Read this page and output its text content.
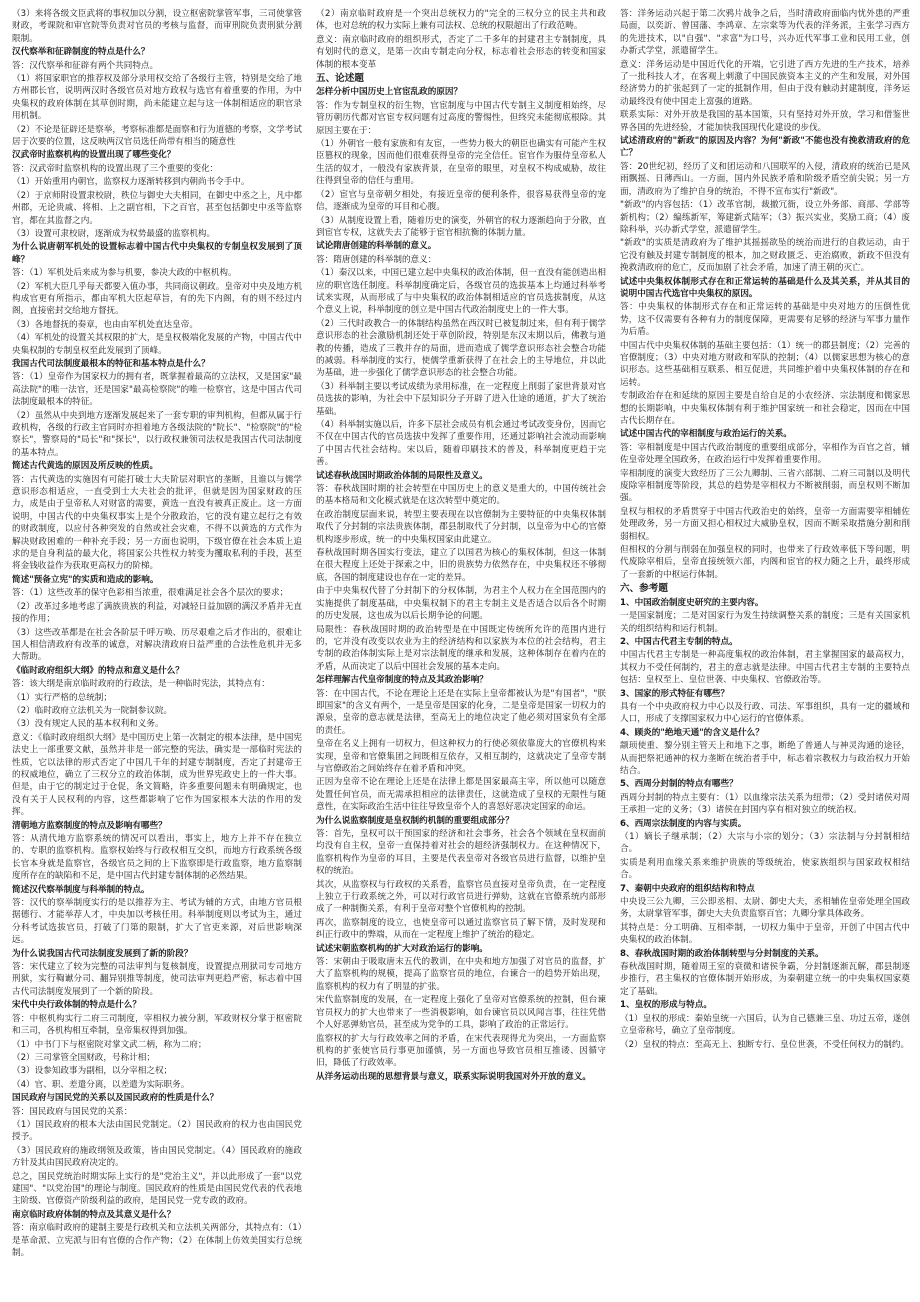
（3）来将各级文臣武将的事权加以分割，设立枢密院掌管军事，三司使掌管财政，考课院和审官院等负责对官员的考核与监督，而审刑院负责刑狱分割限制。

汉代察举和征辟制度的特点是什么？

答：汉代察举和征辟有两个共同特点。

（1）将国家职官的推荐权及部分录用权交给了各级行主管，特别是交给了地方州郡长官，说明两汉时各级官员对地方政权与选官有着重要的作用，为中央集权的政府体制在其草创时期，尚未能建立起与这一体制相适应的职官录用机制。

（2）不论是征辟还是察举，考察标准都是面察和行为道德的考察，文学考试居于次要的位置，这反映两汉官员选任尚带有相当的随意性

汉武帝时监察机构的设置出现了哪些变化？

答：汉武帝时监察机构的设置出现了三个重要的变化：

（1）开始重用内朝官，监察权力逐渐转移到内朝尚书令手中。

（2）于京师附设置隶校尉，秩位与御史大夫相同，在御史中丞之上，凡中都州郡，无论贵戚、将相、上之副官相，下之百官，甚至包括御史中丞等监察官，都在其监督之内。

（3）设置可隶校尉，逐渐成为权势最盛的监察机构。

为什么说唐朝军机处的设置标志着中国古代中央集权的专制皇权发展到了顶峰？

答：（1）军机处后来成为参与机要，参决大政的中枢机构。

（2）军机大臣几乎每天都要入值办事，共同商议朝政。皇帝对中央及地方机构成官更有所指示，都由军机大臣起草旨，有的先下内阁，有的则不经过内阁，直接密封交给地方督抚。

（3）各地督抚的奏章，也由由军机处直达皇帝。

（4）军机处的设置关其权限的扩大，是皇权极端化发展的产物，中国古代中央集权制的专制皇权至此发展到了顶峰。

我国古代司法制度最根本的特征和基本特点是什么？

答：（1）皇帝作为国家权力的拥有者，既掌握着最高的立法权，又是国家"最高法院"的唯一法官，还是国家"最高检察院"的唯一检察官，这是中国古代司法制度最根本的特征。

（2）虽然从中央到地方逐渐发展起来了一套专职的审判机构，但都从属于行政机构，各级的行政主官同时亦担着地方各级法院的"院长"、"检察院"的"检察长"，警察局的"局长"和"探长"，以行政权兼领司法权是我国古代司法制度的基本特点。

简述古代黄选的原因及所反映的性质。

答：古代黄选的实施因有可能打破士大夫阶层对职官的垄断，且谁以与儒学意识形态相适应，一直受到士大夫社会的批评，但就是因为国家财政的压力，成是由于皇帝私人对财富的需要，黄选一直没有被真正废止。这一方面说明，中国古代的中央集权事实上是个分散政治，它的没有建立起行之有效的财政制度，以应付各种突发的自然或社会灾难，不得不以黄选的方式作为解决财政困难的一种补充手段；另一方面也说明，下级官僚在社会本质上追求的是自身利益的最大化，将国家公共性权力转变为攫取私利的手段，甚至将金钱收益作为获取更高权力的阶梯。

简述"预备立宪"的实质和造成的影响。

答：（1）这些改革的保守色彩相当浓重，很难满足社会各个层次的要求；

（2）改革过多地考虑了满族贵族的利益，对减轻日益加剧的满汉矛盾并无直接的作用；

（3）这些改革都是在社会各阶层千呼万唤、历尽艰难之后才作出的，很难让国人相信清政府有改革的诚意，对解决清政府日益严重的合法性危机并无多大帮助。

《临时政府组织大纲》的特点和意义是什么？

答：该大纲是南京临时政府的行政法，是一种临时宪法，其特点有：

（1）实行严格的总统制；

（2）临时政府立法机关为一院制参议院。

（3）没有规定人民的基本权利和义务。

意义：《临时政府组织大纲》是中国历史上第一次制定的根本法律，是中国宪法史上一部重要文献，虽然并非是一部完整的宪法，确实是一部临时宪法的性质，它以法律的形式否定了中国几千年的封建专制制度，否定了封建帝王的权威地位，确立了三权分立的政治体制，成为世界宪政史上的一件大事。但是，由于它的制定过于仓促，条文简略，许多重要问题未有明确规定，也没有关于人民权利的内容，这些都影响了它作为国家根本大法的作用的发挥。

清朝地方监察制度的特点及影响有哪些？

答：从清代地方监察系统的情况可以看出，事实上，地方上并不存在独立的、专职的监察机构。监察权始终与行政权相互交织，而地方行政系统各级长官本身就是监察官，各级官员之间的上下监察即是行政监察，地方监察制度所存在的缺陷和不足，是中国古代封建专制体制的必然结果。

简述汉代察举制度与科举制的特点。

答：汉代的察举制度实行的是以推荐为主、考试为辅的方式，由地方官员根据德行、才能举荐人才，中央加以考核任用。科举制度则以考试为主，通过分科考试选拔官员，打破了门第的限制，扩大了官吏来源，对后世影响深远。

为什么说我国古代司法制度发展到了新的阶段？

答：宋代建立了较为完整的司法审判与复核制度，设置提点刑狱司专司地方刑狱，实行鞫谳分司、翻异别推等制度，使司法审判更趋严密，标志着中国古代司法制度发展到了一个新的阶段。

宋代中央行政体制的特点是什么？

答：中枢机构实行二府三司制度，宰相权力被分割，军政财权分掌于枢密院和三司，各机构相互牵制，皇帝集权得到加强。

（1）中书门下与枢密院对掌文武二柄，称为二府；

（2）三司掌管全国财政，号称计相；

（3）设参知政事为副相，以分宰相之权；

（4）官、职、差遣分离，以差遣为实际职务。

国民政府与国民党的关系以及国民政府的性质是什么？

答：国民政府与国民党的关系：

（1）国民政府的根本大法由国民党制定。（2）国民政府的权力也由国民党授予。

（3）国民政府的施政纲领及政策，皆由国民党制定。（4）国民政府的施政方针及其由国民政府决定的。

总之，国民党统治时期实际上实行的是"党治主义"，并以此形成了一套"以党建国"、"以党治国"的理论与制度。国民政府的性质是由国民党代表的代表地主阶级、官僚资产阶级利益的政府，是国民党一党专政的政府。

南京临时政府体制的特点及其意义是什么？

答：南京临时政府的建制主要是行政机关和立法机关两部分，其特点有：（1）是革命派、立宪派与旧有官僚的合作产物；（2）在体制上仿效美国实行总统制。

（2）南京临时政府是一个突出总统权力的"完全的三权分立的民主共和政体，也对总统的权力实际上兼有司法权、总统的权限超出了行政范畴。

意义：南京临时政府的组织形式，否定了二千多年的封建君主专制制度，具有划时代的意义，是第一次由专制走向分权，标志着社会形态的转变和国家体制的根本变革

五、论述题

怎样分析中国历史上官宦乱政的原因？

答：作为专制皇权的衍生物，官宦制度与中国古代专制主义制度相始终，尽管历朝历代都对官宦专权问题有过高度的警惕性，但终究未能彻底根除。其原因主要在于：

（1）外朝官一般有家族和有友宦，一些势力极大的朝臣也确实有可能产生权臣篡权的现象，因而他们很难获得皇帝的完全信任。宦官作为服侍皇帝私人生活的奴才，一般没有家族背景，在皇帝的眼里，对皇权不构成威胁，故往往得到皇帝的信任与重用。

（2）宦官与皇帝朝夕相处，有接近皇帝的便利条件，很容易获得皇帝的宠信，逐渐成为皇帝的耳目和心腹。

（3）从制度设置上看，随着历史的演变，外朝官的权力逐渐趋向于分散，直到宦官专权，这就失去了能够于宦官相抗衡的体制力量。

试论隋唐创建的科举制的意义。

答：隋唐创建的科举制的意义：

（1）秦汉以来，中国已建立起中央集权的政治体制，但一直没有能创造出相应的职官选任制度。科举制度确定后，各级官员的选拔基本上均通过科举考试来实现，从而形成了与中央集权的政治体制相适应的官员选拔制度，从这个意义上说，科举制度的创立是中国古代政治制度史上的一件大事。

（2）三代时政教合一的体制结构虽然在西汉时已被复制过来，但有利于儒学意识形态的社会激励机制还处于草创阶段，特别是东汉末期以后，佛教与道教的传播，造成了三教并存的局面，进而造成了儒学意识形态社会整合功能的减弱。科举制度的实行，使儒学重新获得了在社会上的主导地位，并以此为基础，进一步强化了儒学意识形态的社会整合功能。

（3）科举制主要以考试成绩为录用标准，在一定程度上削弱了家世背景对官员选拔的影响，为社会中下层知识分子开辟了进入仕途的通道，扩大了统治基础。

（4）科举制实施以后，许多下层社会成员有机会通过考试改变身份，因而它不仅在中国古代的官员选拔中发挥了重要作用，还通过影响社会流动而影响了中国古代社会结构。宋以后，随着印刷技术的普及，科举制度更趋于完善。

试述春秋战国时期政治体制的局限性及意义。

答：春秋战国时期的社会转型在中国历史上的意义是重大的，中国传统社会的基本格局和文化模式就是在这次转型中奠定的。

在政治制度层面来说，转型主要表现在以官僚制为主要特征的中央集权体制取代了分封制的宗法贵族体制，郡县制取代了分封制，以皇帝为中心的官僚机构逐步形成，统一的中央集权国家由此建立。

春秋战国时期各国实行变法，建立了以国君为核心的集权体制，但这一体制在很大程度上还处于探索之中，旧的贵族势力依然存在，中央集权还不够彻底，各国的制度建设也存在一定的差异。

由于中央集权代替了分封制下的分权体制，为君主个人权力在全国范围内的实施提供了制度基础，中央集权制下的君主专制主义是否适合以后各个时期的历史发展，这也成为以后长期争论的问题。

局限性：春秋战国时期的政治转型是在中国既定传统所允许的范围内进行的，它并没有改变以农业为主的经济结构和以家族为本位的社会结构，君主专制的政治体制实际上是对宗法制度的继承和发展，这种体制存在着内在的矛盾，从而决定了以后中国社会发展的基本走向。

怎样理解古代皇帝制度的特点及其政治影响？

答：在中国古代，不论在理论上还是在实际上皇帝都被认为是"有国者"，"朕即国家"的含义有两个，一是皇帝是国家的化身，二是皇帝是国家一切权力的源泉，皇帝的意志就是法律，至高无上的地位决定了他必须对国家负有全部的责任。

皇帝在名义上拥有一切权力，但这种权力的行使必须依靠庞大的官僚机构来实现，皇帝和官僚集团之间既相互依存，又相互制约，这就决定了皇帝专制与官僚政治之间始终存在着矛盾和冲突。

正因为皇帝不论在理论上还是在法律上都是国家最高主宰，所以他可以随意处置任何官员，而无需承担相应的法律责任，这就造成了皇权的无限性与随意性，在实际政治生活中往往导致皇帝个人的喜怒好恶决定国家的命运。

为什么说监察制度是皇权制约机制的重要组成部分？

答：首先，皇权可以干预国家的经济和社会事务，社会各个领域在皇权面前均没有自主权，皇帝一直保持着对社会的超经济强制权力。在这种情况下，监察机构作为皇帝的耳目，主要是代表皇帝对各级官员进行监督，以维护皇权的统治。

其次，从监察权与行政权的关系看，监察官员直接对皇帝负责，在一定程度上独立于行政系统之外，可以对行政官员进行弹劾，这就在官僚系统内部形成了一种制衡关系，有利于皇帝对整个官僚机构的控制。

再次，监察制度的设立，也使皇帝可以通过监察官员了解下情，及时发现和纠正行政中的弊端，从而在一定程度上维护了统治的稳定。

试述宋朝监察机构的扩大对政治运行的影响。

答：宋朝由于吸取唐末五代的教训，在中央和地方加强了对官员的监督，扩大了监察机构的规模，提高了监察官员的地位，台谏合一的趋势开始出现，监察机构的权力有了明显的扩张。

宋代监察制度的发展，在一定程度上强化了皇帝对官僚系统的控制，但台谏官员权力的扩大也带来了一些消极影响，如台谏官员以风闻言事，往往凭借个人好恶弹劾官员，甚至成为党争的工具，影响了政治的正常运行。

监察权的扩大与行政效率之间的矛盾，在宋代表现得尤为突出，一方面监察机构的扩张使官员行事更加谨慎，另一方面也导致官员相互推诿、因循守旧，降低了行政效率。

从洋务运动出现的思想背景与意义，联系实际说明我国对外开放的意义。

答：洋务运动兴起于第二次鸦片战争之后，当时清政府面临内忧外患的严重局面，以奕訢、曾国藩、李鸿章、左宗棠等为代表的洋务派，主张学习西方的先进技术，以"自强"、"求富"为口号，兴办近代军事工业和民用工业，创办新式学堂，派遣留学生。

意义：洋务运动是中国近代化的开端，它引进了西方先进的生产技术，培养了一批科技人才，在客观上刺激了中国民族资本主义的产生和发展，对外国经济势力的扩张起到了一定的抵制作用，但由于没有触动封建制度，洋务运动最终没有使中国走上富强的道路。

联系实际：对外开放是我国的基本国策，只有坚持对外开放，学习和借鉴世界各国的先进经验，才能加快我国现代化建设的步伐。

试述清政府的"新政"的原因及内容？为何"新政"不能也没有挽救清政府的危亡？

答：20世纪初，经历了义和团运动和八国联军的入侵，清政府的统治已是风雨飘摇、日薄西山。一方面，国内外民族矛盾和阶级矛盾空前尖锐；另一方面，清政府为了维护自身的统治，不得不宣布实行"新政"。

"新政"的内容包括：（1）改革官制，裁撤冗衙，设立外务部、商部、学部等新机构；（2）编练新军，筹建新式陆军；（3）振兴实业，奖励工商；（4）废除科举，兴办新式学堂，派遣留学生。

"新政"的实质是清政府为了维护其摇摇欲坠的统治而进行的自救运动，由于它没有触及封建专制制度的根本，加之财政匮乏、吏治腐败，新政不但没有挽救清政府的危亡，反而加剧了社会矛盾，加速了清王朝的灭亡。

试述中央集权体制形式存在和正常运转的基础是什么及其关系，并从其目的说明中国古代选官中央集权的原因。

答：中央集权的体制形式存在和正常运转的基础是中央对地方的压倒性优势，这不仅需要有各种有力的制度保障，更需要有足够的经济与军事力量作为后盾。

中国古代中央集权体制的基础主要包括：（1）统一的郡县制度；（2）完善的官僚制度；（3）中央对地方财政和军队的控制；（4）以儒家思想为核心的意识形态。这些基础相互联系、相互促进，共同维护着中央集权体制的存在和运转。

专制政治存在和延续的原因主要是自给自足的小农经济、宗法制度和儒家思想的长期影响，中央集权体制有利于维护国家统一和社会稳定，因而在中国古代长期存在。

试述中国古代的宰相制度与政治运行的关系。

答：宰相制度是中国古代政治制度的重要组成部分，宰相作为百官之首，辅佐皇帝处理全国政务，在政治运行中发挥着重要作用。

宰相制度的演变大致经历了三公九卿制、三省六部制、二府三司制以及明代废除宰相制度等阶段，其总的趋势是宰相权力不断被削弱，而皇权则不断加强。

皇权与相权的矛盾贯穿于中国古代政治史的始终，皇帝一方面需要宰相辅佐处理政务，另一方面又担心相权过大威胁皇权，因而不断采取措施分割和削弱相权。

但相权的分割与削弱在加强皇权的同时，也带来了行政效率低下等问题，明代废除宰相后，皇帝直接统领六部，内阁和宦官的权力随之上升，最终形成了一套新的中枢运行体制。

六、参考题

1、中国政治制度史研究的主要内容。

一是国家制度；二是对国家行为发生持续调整关系的制度；三是有关国家机关的组织结构和运行机制。

2、中国古代君主专制的特点。

中国古代君主专制是一种高度集权的政治体制，君主掌握国家的最高权力，其权力不受任何制约，君主的意志就是法律。中国古代君主专制的主要特点包括：皇权至上、皇位世袭、中央集权、官僚政治等。

3、国家的形式特征有哪些？

具有一个中央政府权力中心以及行政、司法、军事组织，具有一定的疆域和人口，形成了支撑国家权力中心运行的官僚体系。

4、顾炎的"绝地天通"的含义是什么？

颛顼使重、黎分别主管天上和地下之事，断绝了普通人与神灵沟通的途径，从而把祭祀通神的权力垄断在统治者手中，标志着宗教权力与政治权力开始结合。

5、西周分封制的特点有哪些？

西周分封制的特点主要有：（1）以血缘宗法关系为纽带；（2）受封诸侯对周王承担一定的义务；（3）诸侯在封国内享有相对独立的统治权。

6、西周宗法制度的内容与实质。

（1）嫡长子继承制；（2）大宗与小宗的划分；（3）宗法制与分封制相结合。

实质是利用血缘关系来维护贵族的等级统治，使家族组织与国家政权相结合。

7、秦朝中央政府的组织结构和特点

中央设三公九卿，三公即丞相、太尉、御史大夫，丞相辅佐皇帝处理全国政务，太尉掌管军事，御史大夫负责监察百官；九卿分掌具体政务。

其特点是：分工明确、互相牵制，一切权力集中于皇帝，开创了中国古代中央集权的政治体制。

8、春秋战国时期的政治体制转型与分封制度的关系。

春秋战国时期，随着周王室的衰微和诸侯争霸，分封制逐渐瓦解，郡县制逐步推行，君主集权的官僚体制开始形成，为秦朝建立统一的中央集权国家奠定了基础。

1、皇权的形成与特点。

（1）皇权的形成：秦始皇统一六国后，认为自己德兼三皇、功过五帝，遂创立皇帝称号，确立了皇帝制度。

（2）皇权的特点：至高无上、独断专行、皇位世袭，不受任何权力的制约。
